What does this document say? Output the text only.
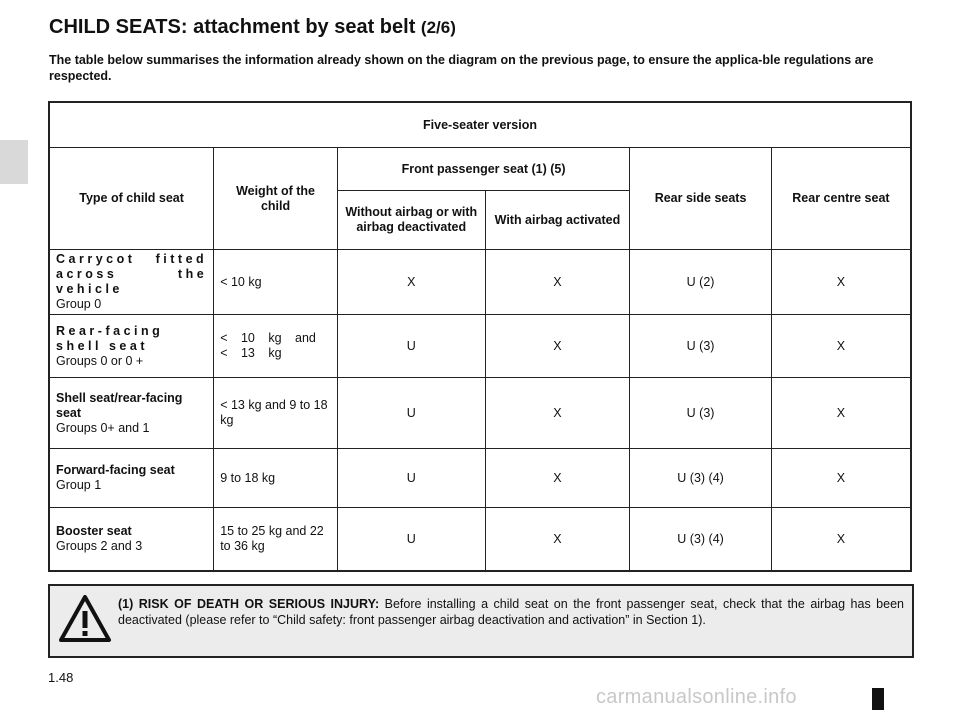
CHILD SEATS: attachment by seat belt (2/6)
The table below summarises the information already shown on the diagram on the previous page, to ensure the applica-ble regulations are respected.
Five-seater version					
Type of child seat	Weight of the child	Front passenger seat (1) (5)		Rear side seats	Rear centre seat
		Without airbag or with airbag deactivated	With airbag activated		

Carrycot fitted across the vehicle
Group 0	< 10 kg	X	X	U (2)	X

Rear-facing shell seat
Groups 0 or 0 +	< 10 kg and < 13 kg	U	X	U (3)	X

Shell seat/rear-facing seat
Groups 0+ and 1	< 13 kg and 9 to 18 kg	U	X	U (3)	X

Forward-facing seat
Group 1	9 to 18 kg	U	X	U (3) (4)	X

Booster seat
Groups 2 and 3	15 to 25 kg and 22 to 36 kg	U	X	U (3) (4)	X
(1) RISK OF DEATH OR SERIOUS INJURY: Before installing a child seat on the front passenger seat, check that the airbag has been deactivated (please refer to “Child safety: front passenger airbag deactivation and activation” in Section 1).
1.48
carmanualsonline.info
